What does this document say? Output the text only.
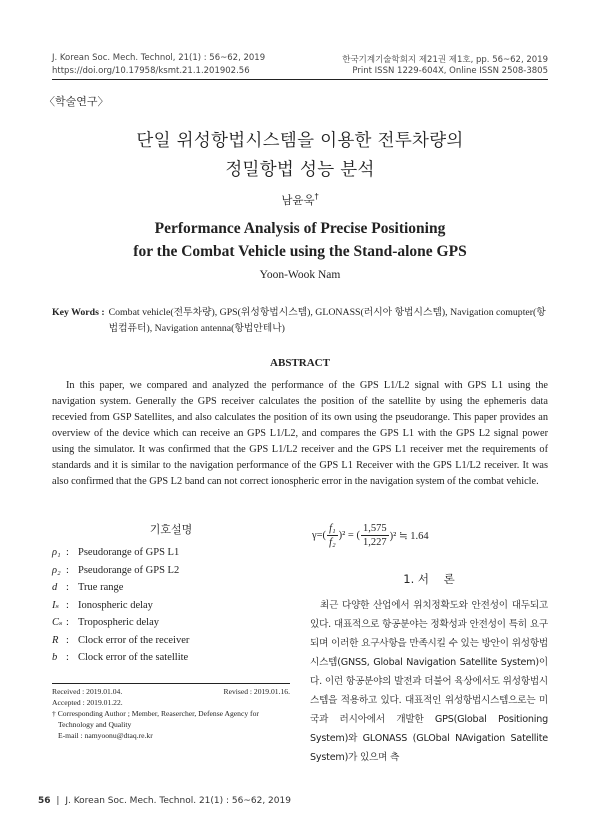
J. Korean Soc. Mech. Technol, 21(1) : 56~62, 2019
https://doi.org/10.17958/ksmt.21.1.201902.56
한국기계기술학회지 제21권 제1호, pp. 56~62, 2019
Print ISSN 1229-604X, Online ISSN 2508-3805
〈학술연구〉
단일 위성항법시스템을 이용한 전투차량의
정밀항법 성능 분석
남윤욱†
Performance Analysis of Precise Positioning
for the Combat Vehicle using the Stand-alone GPS
Yoon-Wook Nam
Key Words : Combat vehicle(전투차량), GPS(위성항법시스템), GLONASS(러시아 항법시스템), Navigation comupter(항법컴퓨터), Navigation antenna(항법안테나)
ABSTRACT
In this paper, we compared and analyzed the performance of the GPS L1/L2 signal with GPS L1 using the navigation system. Generally the GPS receiver calculates the position of the satellite by using the ephemeris data recevied from GSP Satellites, and also calculates the position of its own using the pseudorange. This paper provides an overview of the device which can receive an GPS L1/L2, and compares the GPS L1 with the GPS L2 signal power using the simulator. It was confirmed that the GPS L1/L2 receiver and the GPS L1 receiver met the requirements of standards and it is similar to the navigation performance of the GPS L1 Receiver with the GPS L1/L2 receiver. It was also confirmed that the GPS L2 band can not correct ionospheric error in the navigation system of the combat vehicle.
기호설명
ρ₁ : Pseudorange of GPS L1
ρ₂ : Pseudorange of GPS L2
d : True range
Iₛ : Ionospheric delay
Cₛ : Tropospheric delay
R : Clock error of the receiver
b : Clock error of the satellite
Received : 2019.01.04.	Revised : 2019.01.16.
Accepted : 2019.01.22.
† Corresponding Author ; Member, Reasercher, Defense Agency for Technology and Quality
E-mail : namyoonu@dtaq.re.kr
γ=(
f₁
f₂
)² = ( $\frac{1,575}{1,227} )^2$ ≒ 1.64
1. 서    론
최근 다양한 산업에서 위치정확도와 안전성이 대두되고 있다. 대표적으로 항공분야는 정확성과 안전성이 특히 요구되며 이러한 요구사항을 만족시킬 수 있는 방안이 위성항법시스템(GNSS, Global Navigation Satellite System)이다. 이런 항공분야의 발전과 더불어 육상에서도 위성항법시스템을 적용하고 있다. 대표적인 위성항법시스템으로는 미국과 러시아에서 개발한 GPS(Global Positioning System)와 GLONASS (GLObal NAvigation Satellite System)가 있으며 측
56 | J. Korean Soc. Mech. Technol. 21(1) : 56~62, 2019
